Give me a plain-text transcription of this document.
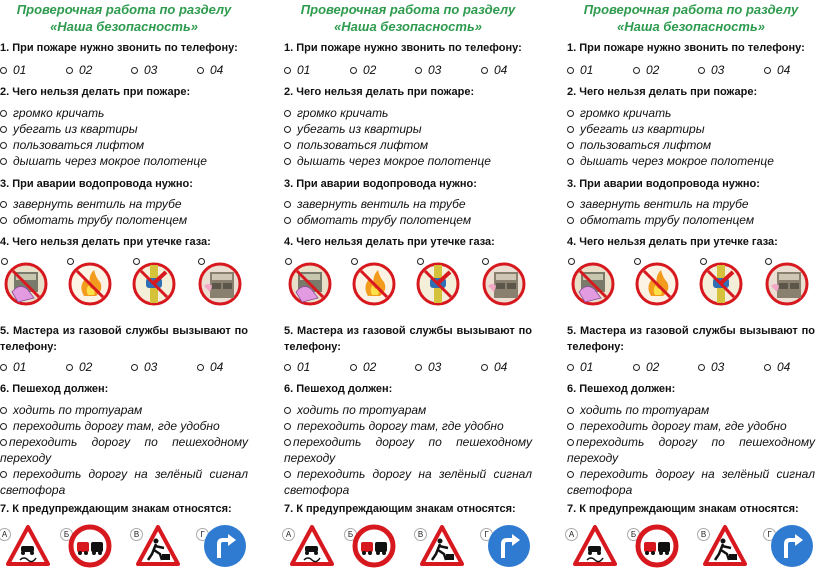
Проверочная работа по разделу
«Наша безопасность»
1. При пожаре нужно звонить по телефону:
01	02	03	04
2. Чего нельзя делать при пожаре:
громко кричать
убегать из квартиры
пользоваться лифтом
дышать через мокрое полотенце
3. При аварии водопровода нужно:
завернуть вентиль на трубе
обмотать трубу полотенцем
4. Чего нельзя делать при утечке газа:
5. Мастера из газовой службы вызывают по телефону:
01	02	03	04
6. Пешеход должен:
ходить по тротуарам
переходить дорогу там, где удобно
переходить дорогу по пешеходному переходу
переходить дорогу на зелёный сигнал светофора
7. К предупреждающим знакам относятся:
А	Б	В	Г
Проверочная работа по разделу
«Наша безопасность»
1. При пожаре нужно звонить по телефону:
01	02	03	04
2. Чего нельзя делать при пожаре:
громко кричать
убегать из квартиры
пользоваться лифтом
дышать через мокрое полотенце
3. При аварии водопровода нужно:
завернуть вентиль на трубе
обмотать трубу полотенцем
4. Чего нельзя делать при утечке газа:
5. Мастера из газовой службы вызывают по телефону:
01	02	03	04
6. Пешеход должен:
ходить по тротуарам
переходить дорогу там, где удобно
переходить дорогу по пешеходному переходу
переходить дорогу на зелёный сигнал светофора
7. К предупреждающим знакам относятся:
А	Б	В	Г
Проверочная работа по разделу
«Наша безопасность»
1. При пожаре нужно звонить по телефону:
01	02	03	04
2. Чего нельзя делать при пожаре:
громко кричать
убегать из квартиры
пользоваться лифтом
дышать через мокрое полотенце
3. При аварии водопровода нужно:
завернуть вентиль на трубе
обмотать трубу полотенцем
4. Чего нельзя делать при утечке газа:
5. Мастера из газовой службы вызывают по телефону:
01	02	03	04
6. Пешеход должен:
ходить по тротуарам
переходить дорогу там, где удобно
переходить дорогу по пешеходному переходу
переходить дорогу на зелёный сигнал светофора
7. К предупреждающим знакам относятся:
А	Б	В	Г
